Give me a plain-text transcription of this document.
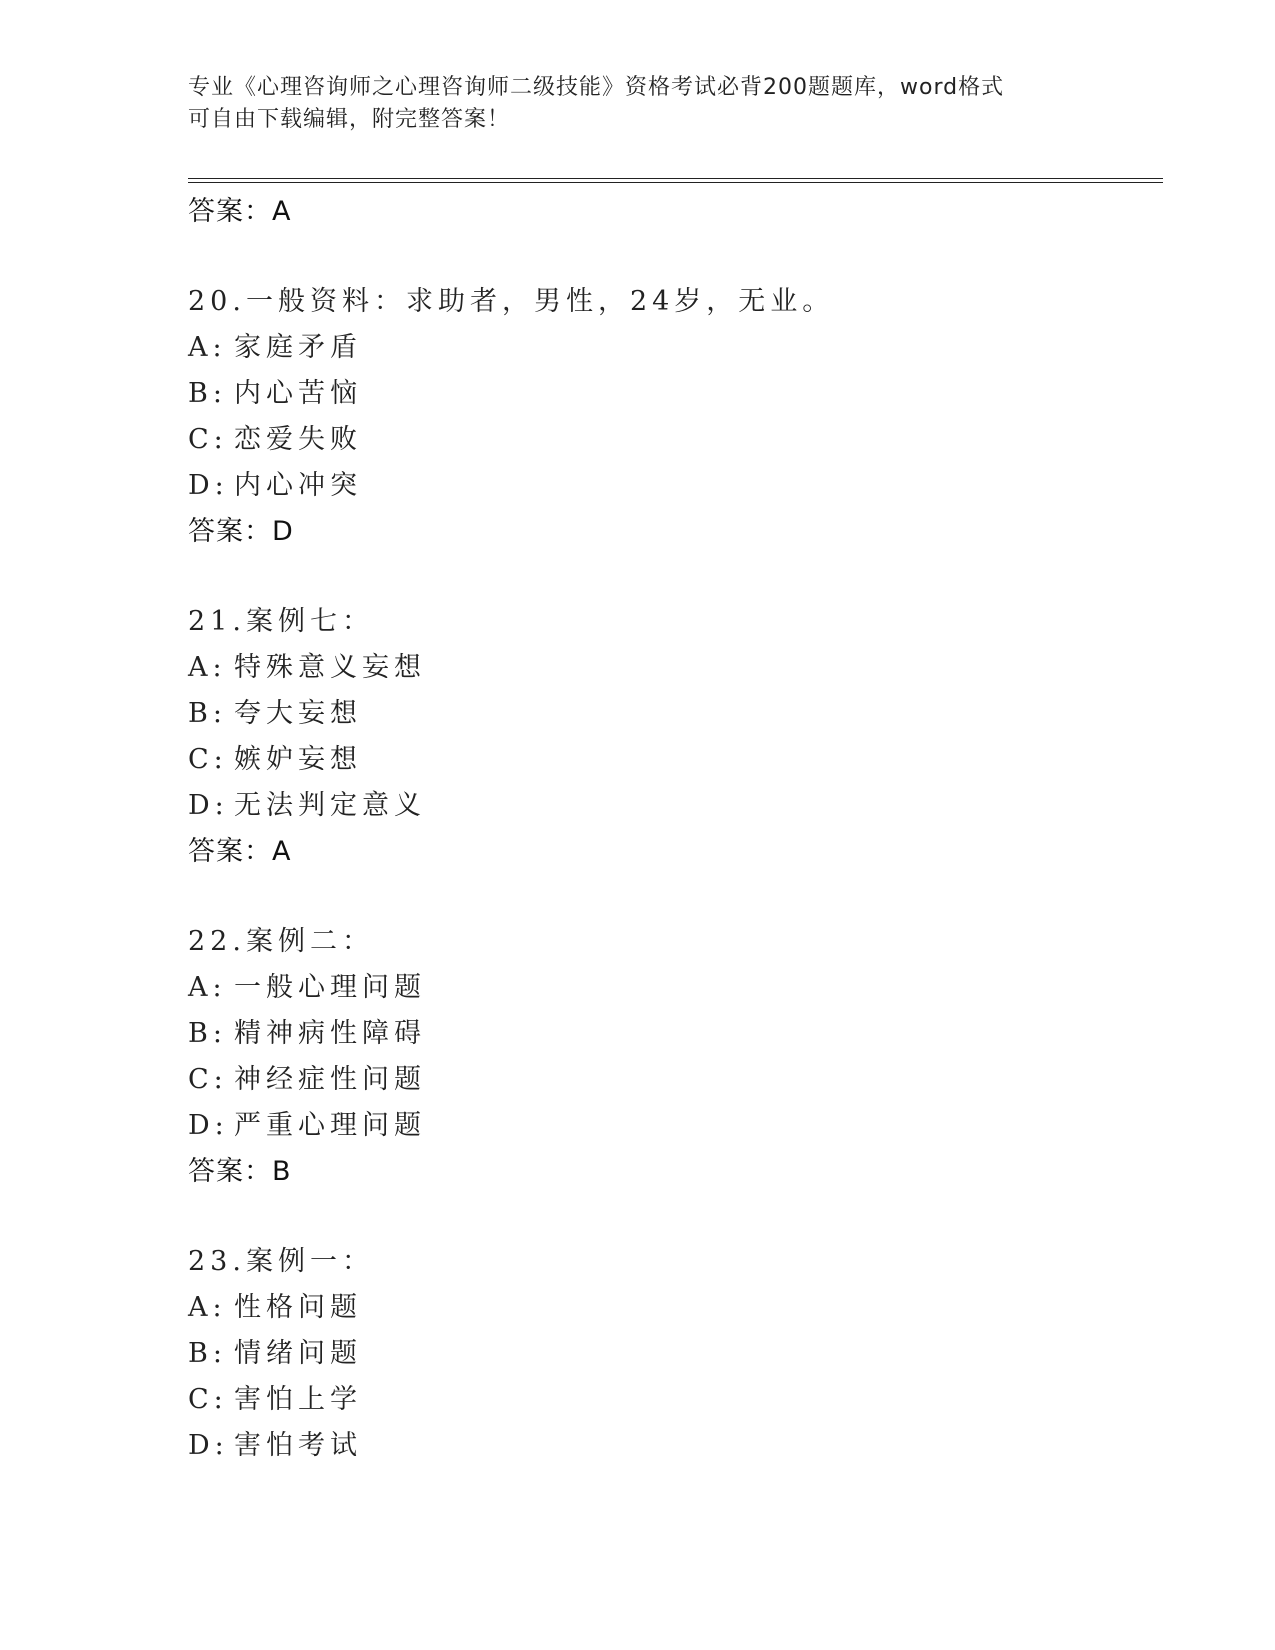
专业《心理咨询师之心理咨询师二级技能》资格考试必背200题题库，word格式
可自由下载编辑，附完整答案！
答案：A
20.一般资料：求助者，男性，24岁，无业。
A: 家庭矛盾
B: 内心苦恼
C: 恋爱失败
D: 内心冲突
答案：D
21.案例七：
A: 特殊意义妄想
B: 夸大妄想
C: 嫉妒妄想
D: 无法判定意义
答案：A
22.案例二：
A: 一般心理问题
B: 精神病性障碍
C: 神经症性问题
D: 严重心理问题
答案：B
23.案例一：
A: 性格问题
B: 情绪问题
C: 害怕上学
D: 害怕考试
